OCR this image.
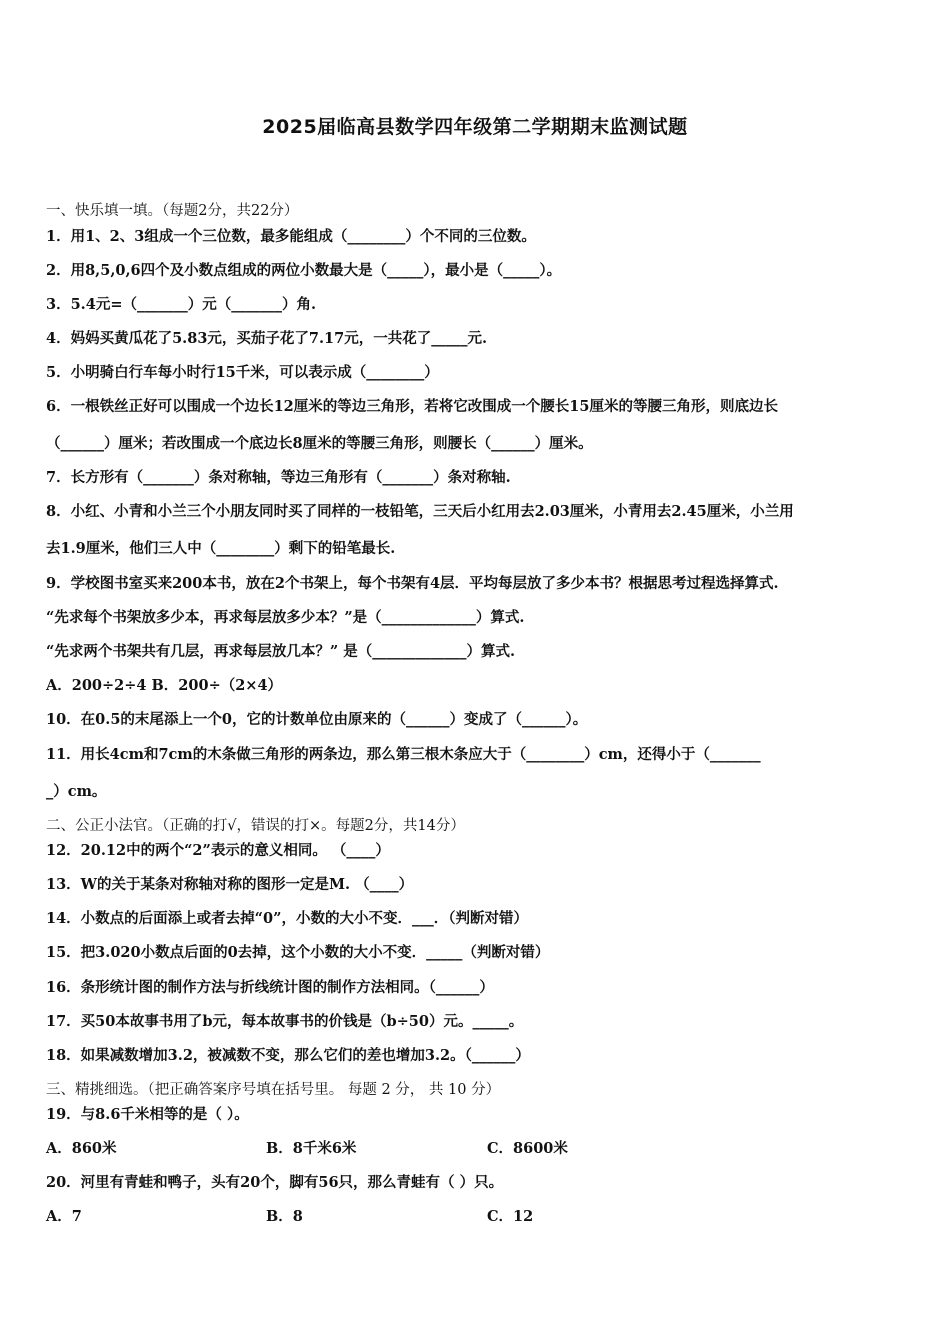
2025届临高县数学四年级第二学期期末监测试题
一、快乐填一填。（每题2分，共22分）
1．用1、2、3组成一个三位数，最多能组成（________）个不同的三位数。
2．用8,5,0,6四个及小数点组成的两位小数最大是（_____），最小是（_____）。
3．5.4元=（_______）元（_______）角.
4．妈妈买黄瓜花了5.83元，买茄子花了7.17元，一共花了_____元.
5．小明骑白行车每小时行15千米，可以表示成（________）
6．一根铁丝正好可以围成一个边长12厘米的等边三角形，若将它改围成一个腰长15厘米的等腰三角形，则底边长
（______）厘米；若改围成一个底边长8厘米的等腰三角形，则腰长（______）厘米。
7．长方形有（_______）条对称轴，等边三角形有（_______）条对称轴.
8．小红、小青和小兰三个小朋友同时买了同样的一枝铅笔，三天后小红用去2.03厘米，小青用去2.45厘米，小兰用
去1.9厘米，他们三人中（________）剩下的铅笔最长.
9．学校图书室买来200本书，放在2个书架上，每个书架有4层．平均每层放了多少本书？根据思考过程选择算式.
“先求每个书架放多少本，再求每层放多少本？”是（_____________）算式.
“先求两个书架共有几层，再求每层放几本？” 是（_____________）算式.
A．200÷2÷4 B．200÷（2×4）
10．在0.5的末尾添上一个0，它的计数单位由原来的（______）变成了（______）。
11．用长4cm和7cm的木条做三角形的两条边，那么第三根木条应大于（________）cm，还得小于（_______
_）cm。
二、公正小法官。（正确的打√，错误的打×。每题2分，共14分）
12．20.12中的两个“2”表示的意义相同。 （____）
13．W的关于某条对称轴对称的图形一定是M. （____）
14．小数点的后面添上或者去掉“0”，小数的大小不变．___．（判断对错）
15．把3.020小数点后面的0去掉，这个小数的大小不变．_____（判断对错）
16．条形统计图的制作方法与折线统计图的制作方法相同。（______）
17．买50本故事书用了b元，每本故事书的价钱是（b÷50）元。_____。
18．如果减数增加3.2，被减数不变，那么它们的差也增加3.2。（______）
三、精挑细选。（把正确答案序号填在括号里。 每题 2 分， 共 10 分）
19．与8.6千米相等的是（ ）。
A．860米	B．8千米6米	C．8600米
20．河里有青蛙和鸭子，头有20个，脚有56只，那么青蛙有（ ）只。
A．7	B．8	C．12
